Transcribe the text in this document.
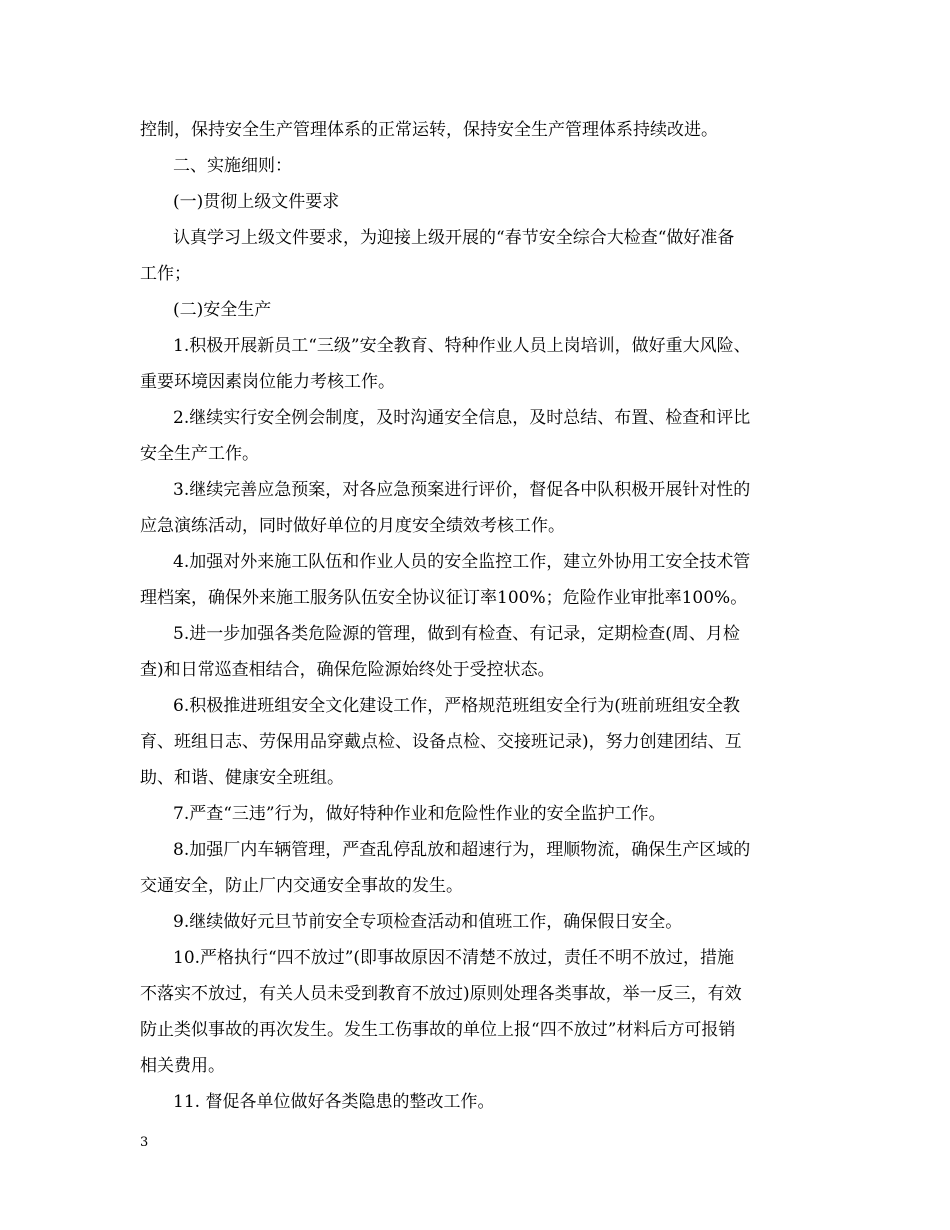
控制，保持安全生产管理体系的正常运转，保持安全生产管理体系持续改进。
二、实施细则：
(一)贯彻上级文件要求
认真学习上级文件要求，为迎接上级开展的“春节安全综合大检查“做好准备
工作；
(二)安全生产
1.积极开展新员工“三级”安全教育、特种作业人员上岗培训，做好重大风险、
重要环境因素岗位能力考核工作。
2.继续实行安全例会制度，及时沟通安全信息，及时总结、布置、检查和评比
安全生产工作。
3.继续完善应急预案，对各应急预案进行评价，督促各中队积极开展针对性的
应急演练活动，同时做好单位的月度安全绩效考核工作。
4.加强对外来施工队伍和作业人员的安全监控工作，建立外协用工安全技术管
理档案，确保外来施工服务队伍安全协议征订率100%；危险作业审批率100%。
5.进一步加强各类危险源的管理，做到有检查、有记录，定期检查(周、月检
查)和日常巡查相结合，确保危险源始终处于受控状态。
6.积极推进班组安全文化建设工作，严格规范班组安全行为(班前班组安全教
育、班组日志、劳保用品穿戴点检、设备点检、交接班记录)，努力创建团结、互
助、和谐、健康安全班组。
7.严查“三违”行为，做好特种作业和危险性作业的安全监护工作。
8.加强厂内车辆管理，严查乱停乱放和超速行为，理顺物流，确保生产区域的
交通安全，防止厂内交通安全事故的发生。
9.继续做好元旦节前安全专项检查活动和值班工作，确保假日安全。
10.严格执行“四不放过”(即事故原因不清楚不放过，责任不明不放过，措施
不落实不放过，有关人员未受到教育不放过)原则处理各类事故，举一反三，有效
防止类似事故的再次发生。发生工伤事故的单位上报“四不放过”材料后方可报销
相关费用。
11. 督促各单位做好各类隐患的整改工作。
3
